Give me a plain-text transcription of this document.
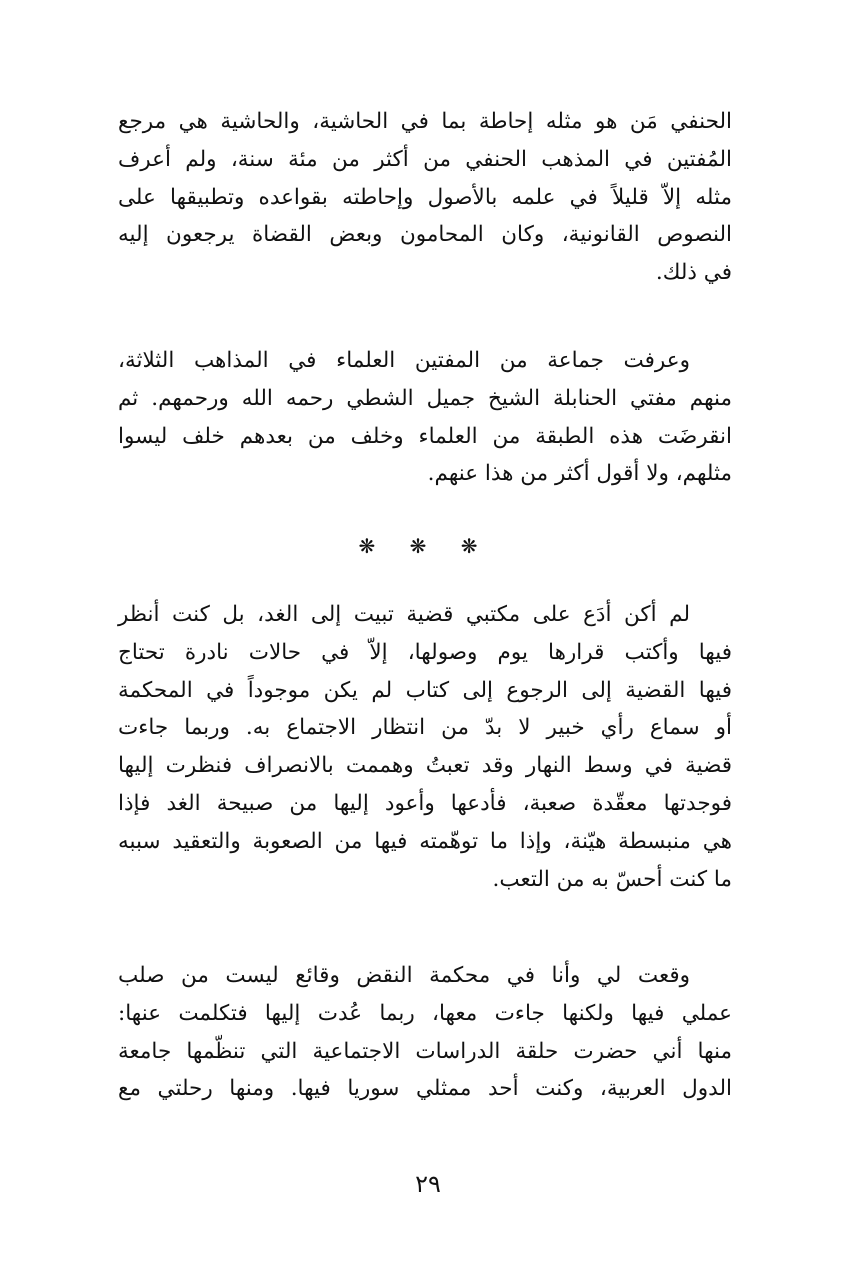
الحنفي مَن هو مثله إحاطة بما في الحاشية، والحاشية هي مرجع
المُفتين في المذهب الحنفي من أكثر من مئة سنة، ولم أعرف
مثله إلاّ قليلاً في علمه بالأصول وإحاطته بقواعده وتطبيقها على
النصوص القانونية، وكان المحامون وبعض القضاة يرجعون إليه
في ذلك.

وعرفت جماعة من المفتين العلماء في المذاهب الثلاثة،
منهم مفتي الحنابلة الشيخ جميل الشطي رحمه الله ورحمهم. ثم
انقرضَت هذه الطبقة من العلماء وخلف من بعدهم خلف ليسوا
مثلهم، ولا أقول أكثر من هذا عنهم.

❋ ❋ ❋

لم أكن أدَع على مكتبي قضية تبيت إلى الغد، بل كنت أنظر
فيها وأكتب قرارها يوم وصولها، إلاّ في حالات نادرة تحتاج
فيها القضية إلى الرجوع إلى كتاب لم يكن موجوداً في المحكمة
أو سماع رأي خبير لا بدّ من انتظار الاجتماع به. وربما جاءت
قضية في وسط النهار وقد تعبتُ وهممت بالانصراف فنظرت إليها
فوجدتها معقّدة صعبة، فأدعها وأعود إليها من صبيحة الغد فإذا
هي منبسطة هيّنة، وإذا ما توهّمته فيها من الصعوبة والتعقيد سببه
ما كنت أحسّ به من التعب.

وقعت لي وأنا في محكمة النقض وقائع ليست من صلب
عملي فيها ولكنها جاءت معها، ربما عُدت إليها فتكلمت عنها:
منها أني حضرت حلقة الدراسات الاجتماعية التي تنظّمها جامعة
الدول العربية، وكنت أحد ممثلي سوريا فيها. ومنها رحلتي مع

٢٩
